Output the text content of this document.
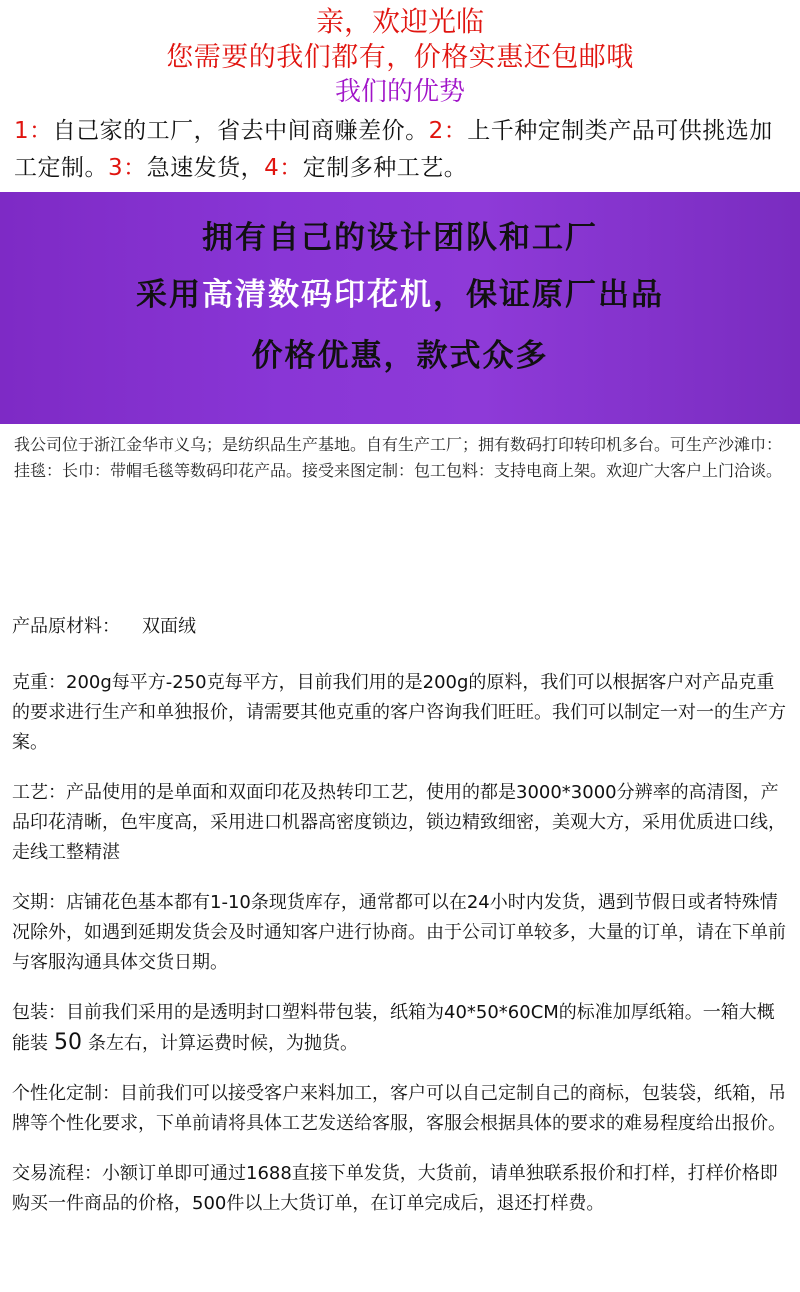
亲，欢迎光临
您需要的我们都有，价格实惠还包邮哦
我们的优势
1：自己家的工厂，省去中间商赚差价。2：上千种定制类产品可供挑选加工定制。3：急速发货，4：定制多种工艺。
拥有自己的设计团队和工厂
采用高清数码印花机，保证原厂出品
价格优惠，款式众多
我公司位于浙江金华市义乌；是纺织品生产基地。自有生产工厂；拥有数码打印转印机多台。可生产沙滩巾：挂毯：长巾：带帽毛毯等数码印花产品。接受来图定制：包工包料：支持电商上架。欢迎广大客户上门洽谈。
产品原材料： 双面绒
克重：200g每平方-250克每平方，目前我们用的是200g的原料，我们可以根据客户对产品克重的要求进行生产和单独报价，请需要其他克重的客户咨询我们旺旺。我们可以制定一对一的生产方案。
工艺：产品使用的是单面和双面印花及热转印工艺，使用的都是3000*3000分辨率的高清图，产品印花清晰，色牢度高，采用进口机器高密度锁边，锁边精致细密，美观大方，采用优质进口线，走线工整精湛
交期：店铺花色基本都有1-10条现货库存，通常都可以在24小时内发货，遇到节假日或者特殊情况除外，如遇到延期发货会及时通知客户进行协商。由于公司订单较多，大量的订单，请在下单前与客服沟通具体交货日期。
包装：目前我们采用的是透明封口塑料带包装，纸箱为40*50*60CM的标准加厚纸箱。一箱大概能装 50 条左右，计算运费时候，为抛货。
个性化定制：目前我们可以接受客户来料加工，客户可以自己定制自己的商标，包装袋，纸箱，吊牌等个性化要求，下单前请将具体工艺发送给客服，客服会根据具体的要求的难易程度给出报价。
交易流程：小额订单即可通过1688直接下单发货，大货前，请单独联系报价和打样，打样价格即购买一件商品的价格，500件以上大货订单，在订单完成后，退还打样费。
